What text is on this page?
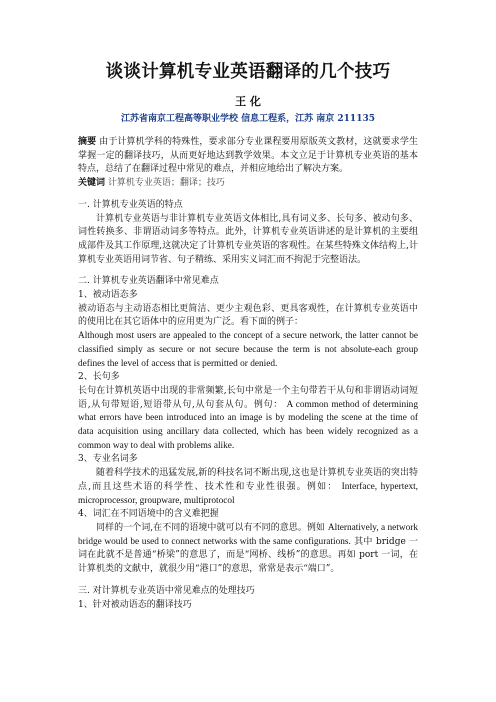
谈谈计算机专业英语翻译的几个技巧
王 化
江苏省南京工程高等职业学校 信息工程系，江苏 南京 211135

摘要 由于计算机学科的特殊性，要求部分专业课程要用原版英文教材，这就要求学生掌握一定的翻译技巧，从而更好地达到教学效果。本文立足于计算机专业英语的基本特点，总结了在翻译过程中常见的难点，并相应地给出了解决方案。

关键词 计算机专业英语；翻译；技巧

一. 计算机专业英语的特点

计算机专业英语与非计算机专业英语文体相比,具有词义多、长句多、被动句多、词性转换多、非谓语动词多等特点。此外，计算机专业英语讲述的是计算机的主要组成部件及其工作原理,这就决定了计算机专业英语的客观性。在某些特殊文体结构上,计算机专业英语用词节省、句子精练、采用实义词汇而不拘泥于完整语法。

二. 计算机专业英语翻译中常见难点

1、被动语态多

被动语态与主动语态相比更简洁、更少主观色彩、更具客观性，在计算机专业英语中的使用比在其它语体中的应用更为广泛。看下面的例子：

Although most users are appealed to the concept of a secure network, the latter cannot be classified simply as secure or not secure because the term is not absolute-each group defines the level of access that is permitted or denied.

2、长句多

长句在计算机英语中出现的非常频繁,长句中常是一个主句带若干从句和非谓语动词短语,从句带短语,短语带从句,从句套从句。例句： A common method of determining what errors have been introduced into an image is by modeling the scene at the time of data acquisition using ancillary data collected, which has been widely recognized as a common way to deal with problems alike.

3、专业名词多

随着科学技术的迅猛发展,新的科技名词不断出现,这也是计算机专业英语的突出特点,而且这些术语的科学性、技术性和专业性很强。例如： Interface, hypertext, microprocessor, groupware, multiprotocol

4、词汇在不同语境中的含义难把握

同样的一个词,在不同的语境中就可以有不同的意思。例如 Alternatively, a network bridge would be used to connect networks with the same configurations. 其中 bridge 一词在此就不是普通“桥梁”的意思了，而是“网桥、线桥”的意思。再如 port 一词，在计算机类的文献中，就很少用“港口”的意思，常常是表示“端口”。

三. 对计算机专业英语中常见难点的处理技巧

1、针对被动语态的翻译技巧
